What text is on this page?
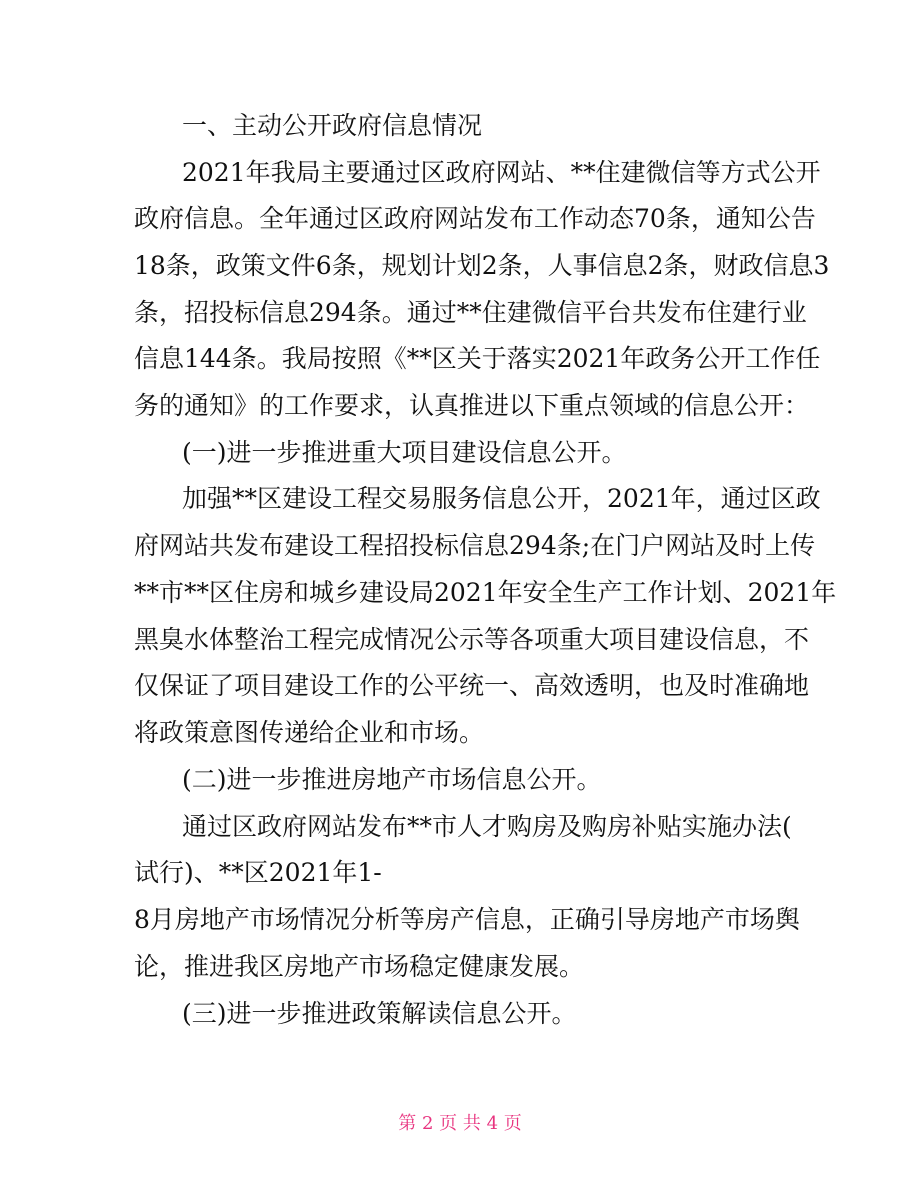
一、主动公开政府信息情况
2021年我局主要通过区政府网站、**住建微信等方式公开
政府信息。全年通过区政府网站发布工作动态70条，通知公告
18条，政策文件6条，规划计划2条，人事信息2条，财政信息3
条，招投标信息294条。通过**住建微信平台共发布住建行业
信息144条。我局按照《**区关于落实2021年政务公开工作任
务的通知》的工作要求，认真推进以下重点领域的信息公开：
(一)进一步推进重大项目建设信息公开。
加强**区建设工程交易服务信息公开，2021年，通过区政
府网站共发布建设工程招投标信息294条;在门户网站及时上传
**市**区住房和城乡建设局2021年安全生产工作计划、2021年
黑臭水体整治工程完成情况公示等各项重大项目建设信息，不
仅保证了项目建设工作的公平统一、高效透明，也及时准确地
将政策意图传递给企业和市场。
(二)进一步推进房地产市场信息公开。
通过区政府网站发布**市人才购房及购房补贴实施办法(
试行)、**区2021年1-
8月房地产市场情况分析等房产信息，正确引导房地产市场舆
论，推进我区房地产市场稳定健康发展。
(三)进一步推进政策解读信息公开。
第 2 页 共 4 页
